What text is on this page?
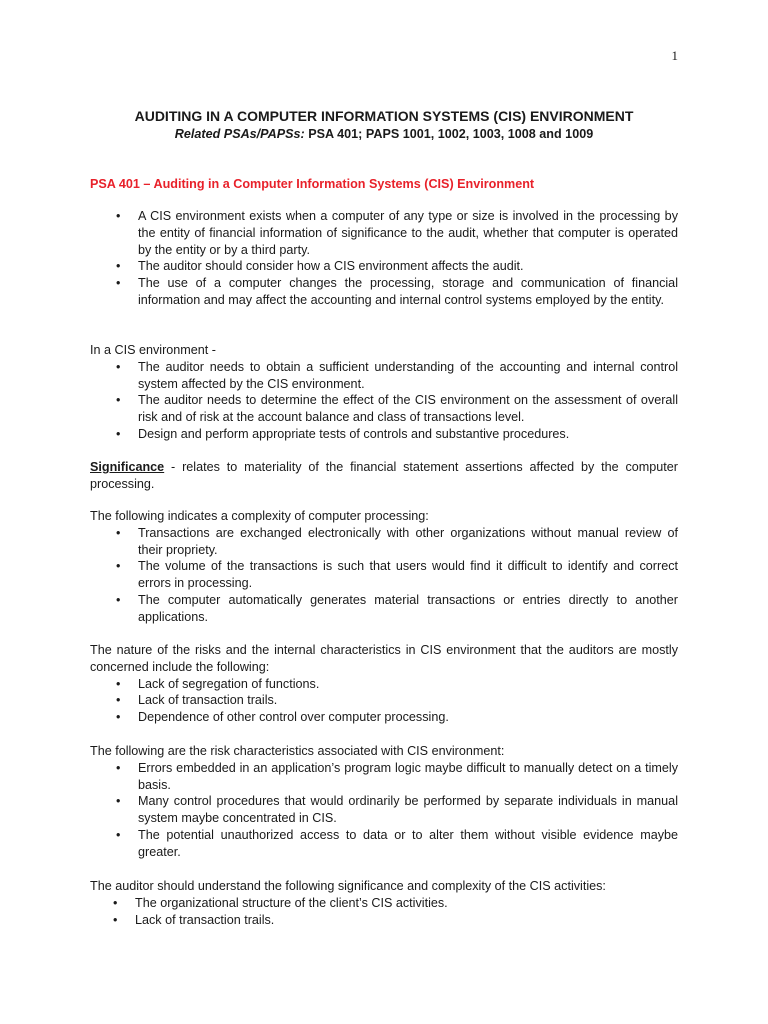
1
AUDITING IN A COMPUTER INFORMATION SYSTEMS (CIS) ENVIRONMENT
Related PSAs/PAPSs: PSA 401; PAPS 1001, 1002, 1003, 1008 and 1009
PSA 401 – Auditing in a Computer Information Systems (CIS) Environment
• A CIS environment exists when a computer of any type or size is involved in the processing by the entity of financial information of significance to the audit, whether that computer is operated by the entity or by a third party.
• The auditor should consider how a CIS environment affects the audit.
• The use of a computer changes the processing, storage and communication of financial information and may affect the accounting and internal control systems employed by the entity.

In a CIS environment -

• The auditor needs to obtain a sufficient understanding of the accounting and internal control system affected by the CIS environment.
• The auditor needs to determine the effect of the CIS environment on the assessment of overall risk and of risk at the account balance and class of transactions level.
• Design and perform appropriate tests of controls and substantive procedures.

Significance - relates to materiality of the financial statement assertions affected by the computer processing.

The following indicates a complexity of computer processing:

• Transactions are exchanged electronically with other organizations without manual review of their propriety.
• The volume of the transactions is such that users would find it difficult to identify and correct errors in processing.
• The computer automatically generates material transactions or entries directly to another applications.

The nature of the risks and the internal characteristics in CIS environment that the auditors are mostly concerned include the following:

• Lack of segregation of functions.
• Lack of transaction trails.
• Dependence of other control over computer processing.

The following are the risk characteristics associated with CIS environment:

• Errors embedded in an application’s program logic maybe difficult to manually detect on a timely basis.
• Many control procedures that would ordinarily be performed by separate individuals in manual system maybe concentrated in CIS.
• The potential unauthorized access to data or to alter them without visible evidence maybe greater.

The auditor should understand the following significance and complexity of the CIS activities:

• The organizational structure of the client’s CIS activities.
• Lack of transaction trails.
